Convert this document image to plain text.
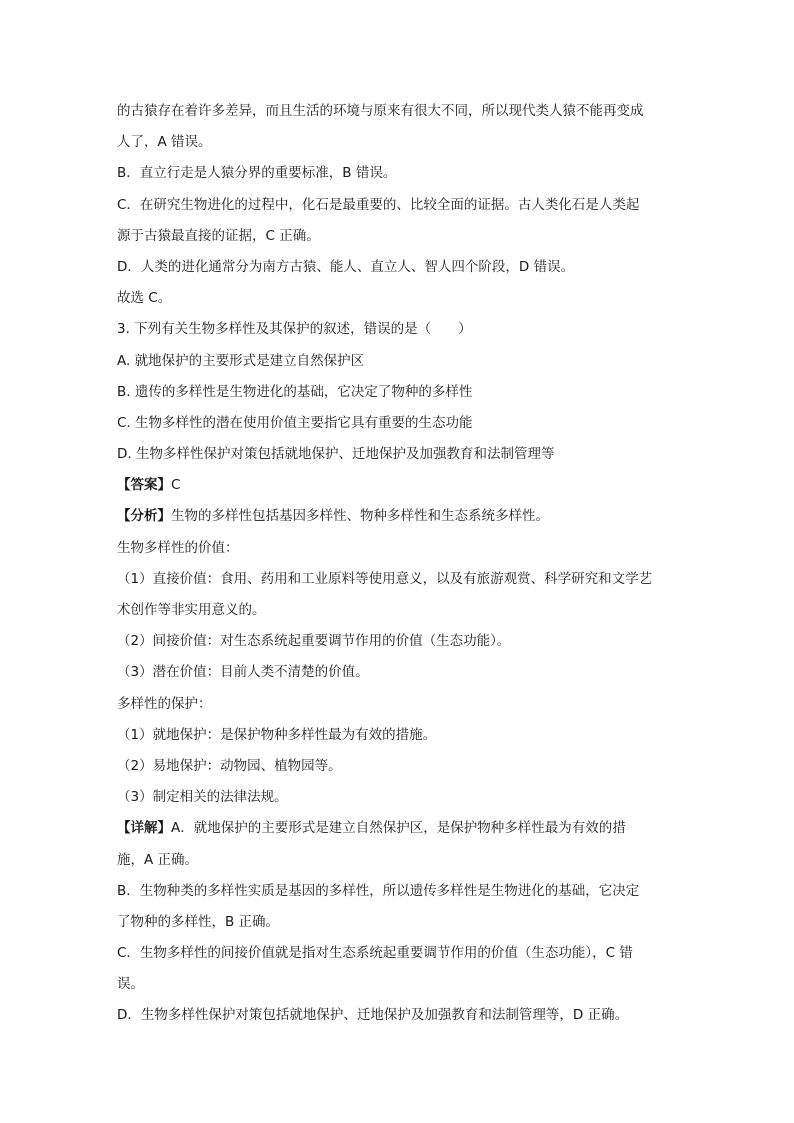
的古猿存在着许多差异，而且生活的环境与原来有很大不同，所以现代类人猿不能再变成
人了，A 错误。
B．直立行走是人猿分界的重要标准，B 错误。
C．在研究生物进化的过程中，化石是最重要的、比较全面的证据。古人类化石是人类起
源于古猿最直接的证据，C 正确。
D．人类的进化通常分为南方古猿、能人、直立人、智人四个阶段，D 错误。
故选 C。
3. 下列有关生物多样性及其保护的叙述，错误的是（　　）
A. 就地保护的主要形式是建立自然保护区
B. 遗传的多样性是生物进化的基础，它决定了物种的多样性
C. 生物多样性的潜在使用价值主要指它具有重要的生态功能
D. 生物多样性保护对策包括就地保护、迁地保护及加强教育和法制管理等
【答案】C
【分析】生物的多样性包括基因多样性、物种多样性和生态系统多样性。
生物多样性的价值：
（1）直接价值：食用、药用和工业原料等使用意义，以及有旅游观赏、科学研究和文学艺
术创作等非实用意义的。
（2）间接价值：对生态系统起重要调节作用的价值（生态功能）。
（3）潜在价值：目前人类不清楚的价值。
多样性的保护：
（1）就地保护：是保护物种多样性最为有效的措施。
（2）易地保护：动物园、植物园等。
（3）制定相关的法律法规。
【详解】A．就地保护的主要形式是建立自然保护区，是保护物种多样性最为有效的措
施，A 正确。
B．生物种类的多样性实质是基因的多样性，所以遗传多样性是生物进化的基础，它决定
了物种的多样性，B 正确。
C．生物多样性的间接价值就是指对生态系统起重要调节作用的价值（生态功能），C 错
误。
D．生物多样性保护对策包括就地保护、迁地保护及加强教育和法制管理等，D 正确。
